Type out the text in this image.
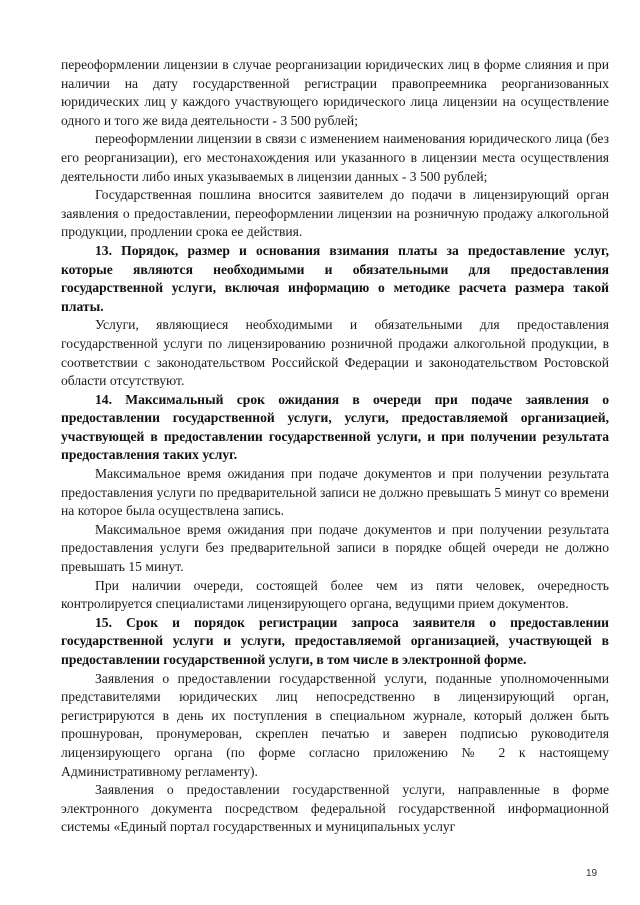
переоформлении лицензии в случае реорганизации юридических лиц в форме слияния и при наличии на дату государственной регистрации правопреемника реорганизованных юридических лиц у каждого участвующего юридического лица лицензии на осуществление одного и того же вида деятельности - 3 500 рублей;

переоформлении лицензии в связи с изменением наименования юридического лица (без его реорганизации), его местонахождения или указанного в лицензии места осуществления деятельности либо иных указываемых в лицензии данных - 3 500 рублей;

Государственная пошлина вносится заявителем до подачи в лицензирующий орган заявления о предоставлении, переоформлении лицензии на розничную продажу алкогольной продукции, продлении срока ее действия.

13. Порядок, размер и основания взимания платы за предоставление услуг, которые являются необходимыми и обязательными для предоставления государственной услуги, включая информацию о методике расчета размера такой платы.

Услуги, являющиеся необходимыми и обязательными для предоставления государственной услуги по лицензированию розничной продажи алкогольной продукции, в соответствии с законодательством Российской Федерации и законодательством Ростовской области отсутствуют.

14. Максимальный срок ожидания в очереди при подаче заявления о предоставлении государственной услуги, услуги, предоставляемой организацией, участвующей в предоставлении государственной услуги, и при получении результата предоставления таких услуг.

Максимальное время ожидания при подаче документов и при получении результата предоставления услуги по предварительной записи не должно превышать 5 минут со времени на которое была осуществлена запись.

Максимальное время ожидания при подаче документов и при получении результата предоставления услуги без предварительной записи в порядке общей очереди не должно превышать 15 минут.

При наличии очереди, состоящей более чем из пяти человек, очередность контролируется специалистами лицензирующего органа, ведущими прием документов.

15. Срок и порядок регистрации запроса заявителя о предоставлении государственной услуги и услуги, предоставляемой организацией, участвующей в предоставлении государственной услуги, в том числе в электронной форме.

Заявления о предоставлении государственной услуги, поданные уполномоченными представителями юридических лиц непосредственно в лицензирующий орган, регистрируются в день их поступления в специальном журнале, который должен быть прошнурован, пронумерован, скреплен печатью и заверен подписью руководителя лицензирующего органа (по форме согласно приложению № 2 к настоящему Административному регламенту).

Заявления о предоставлении государственной услуги, направленные в форме электронного документа посредством федеральной государственной информационной системы «Единый портал государственных и муниципальных услуг

19
